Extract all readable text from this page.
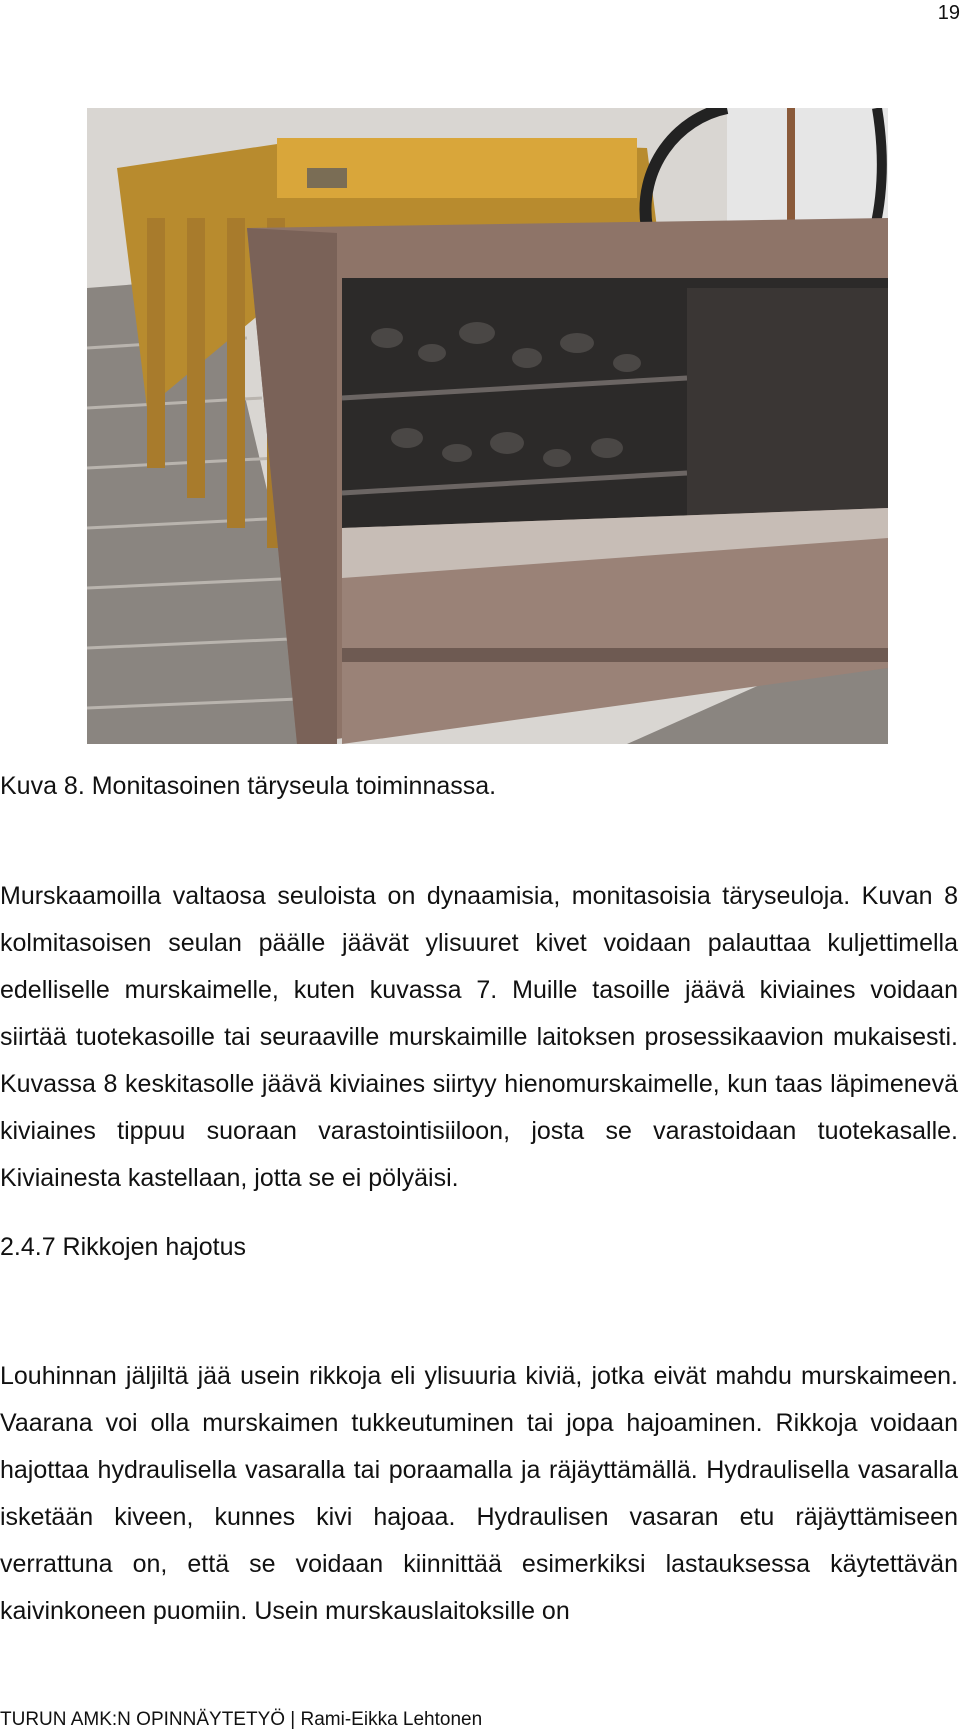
19
Kuva 8. Monitasoinen täryseula toiminnassa.

Murskaamoilla valtaosa seuloista on dynaamisia, monitasoisia täryseuloja. Kuvan 8 kolmitasoisen seulan päälle jäävät ylisuuret kivet voidaan palauttaa kuljettimella edelliselle murskaimelle, kuten kuvassa 7. Muille tasoille jäävä kiviaines voidaan siirtää tuotekasoille tai seuraaville murskaimille laitoksen prosessikaavion mukaisesti. Kuvassa 8 keskitasolle jäävä kiviaines siirtyy hienomurskaimelle, kun taas läpimenevä kiviaines tippuu suoraan varastointisiiloon, josta se varastoidaan tuotekasalle. Kiviainesta kastellaan, jotta se ei pölyäisi.

2.4.7 Rikkojen hajotus

Louhinnan jäljiltä jää usein rikkoja eli ylisuuria kiviä, jotka eivät mahdu murskaimeen. Vaarana voi olla murskaimen tukkeutuminen tai jopa hajoaminen. Rikkoja voidaan hajottaa hydraulisella vasaralla tai poraamalla ja räjäyttämällä. Hydraulisella vasaralla isketään kiveen, kunnes kivi hajoaa. Hydraulisen vasaran etu räjäyttämiseen verrattuna on, että se voidaan kiinnittää esimerkiksi lastauksessa käytettävän kaivinkoneen puomiin. Usein murskauslaitoksille on

TURUN AMK:N OPINNÄYTETYÖ | Rami-Eikka Lehtonen
